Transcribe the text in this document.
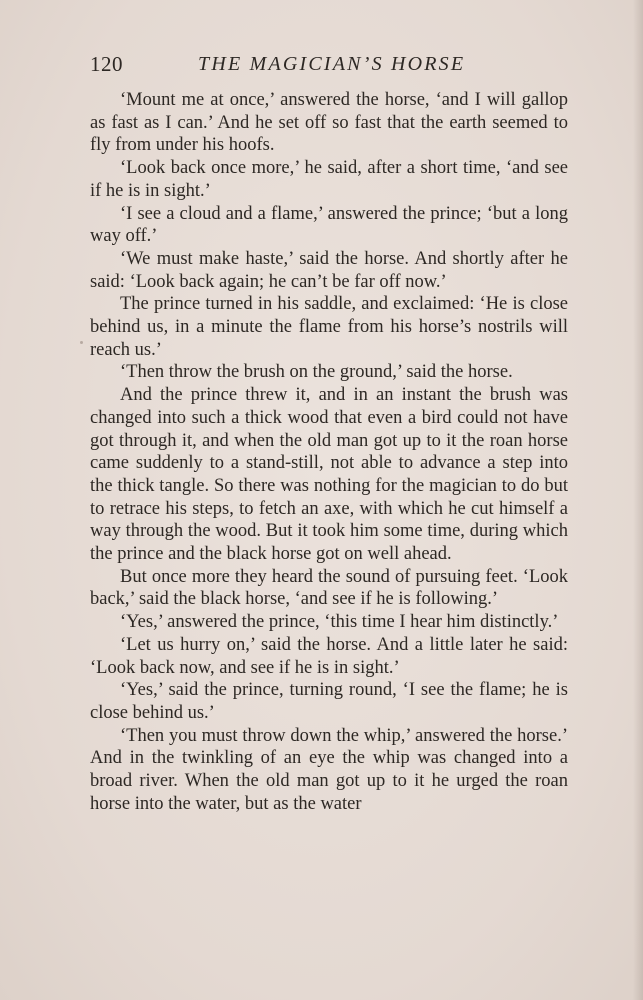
120	THE MAGICIAN’S HORSE

‘Mount me at once,’ answered the horse, ‘and I will gallop as fast as I can.’ And he set off so fast that the earth seemed to fly from under his hoofs.

‘Look back once more,’ he said, after a short time, ‘and see if he is in sight.’

‘I see a cloud and a flame,’ answered the prince; ‘but a long way off.’

‘We must make haste,’ said the horse. And shortly after he said: ‘Look back again; he can’t be far off now.’

The prince turned in his saddle, and exclaimed: ‘He is close behind us, in a minute the flame from his horse’s nostrils will reach us.’

‘Then throw the brush on the ground,’ said the horse.

And the prince threw it, and in an instant the brush was changed into such a thick wood that even a bird could not have got through it, and when the old man got up to it the roan horse came suddenly to a stand-still, not able to advance a step into the thick tangle. So there was nothing for the magician to do but to retrace his steps, to fetch an axe, with which he cut himself a way through the wood. But it took him some time, during which the prince and the black horse got on well ahead.

But once more they heard the sound of pursuing feet. ‘Look back,’ said the black horse, ‘and see if he is following.’

‘Yes,’ answered the prince, ‘this time I hear him distinctly.’

‘Let us hurry on,’ said the horse. And a little later he said: ‘Look back now, and see if he is in sight.’

‘Yes,’ said the prince, turning round, ‘I see the flame; he is close behind us.’

‘Then you must throw down the whip,’ answered the horse.’ And in the twinkling of an eye the whip was changed into a broad river. When the old man got up to it he urged the roan horse into the water, but as the water
